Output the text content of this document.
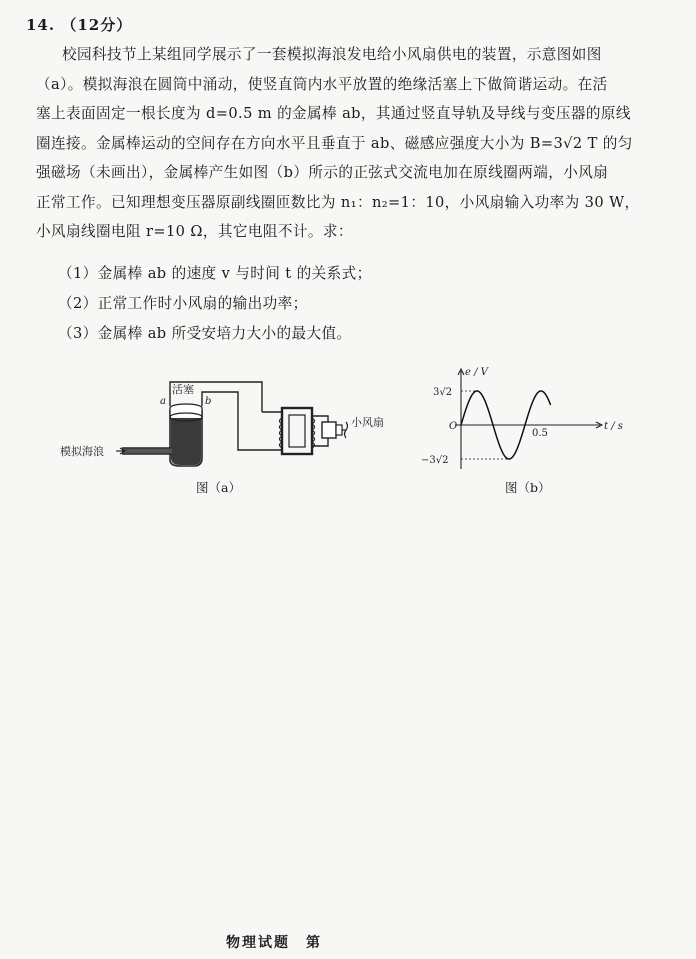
14. （12分）
校园科技节上某组同学展示了一套模拟海浪发电给小风扇供电的装置，示意图如图
（a）。模拟海浪在圆筒中涌动，使竖直筒内水平放置的绝缘活塞上下做简谐运动。在活
塞上表面固定一根长度为 d=0.5 m 的金属棒 ab，其通过竖直导轨及导线与变压器的原线
圈连接。金属棒运动的空间存在方向水平且垂直于 ab、磁感应强度大小为 B=3√2 T 的匀
强磁场（未画出），金属棒产生如图（b）所示的正弦式交流电加在原线圈两端，小风扇
正常工作。已知理想变压器原副线圈匝数比为 n₁：n₂=1：10，小风扇输入功率为 30 W，
小风扇线圈电阻 r=10 Ω，其它电阻不计。求：
（1）金属棒 ab 的速度 v 与时间 t 的关系式；
（2）正常工作时小风扇的输出功率；
（3）金属棒 ab 所受安培力大小的最大值。
模拟海浪
活塞
a	b
小风扇
图（a）
e / V
t / s
O
3√2
−3√2
0.5
图（b）
物理试题　第
